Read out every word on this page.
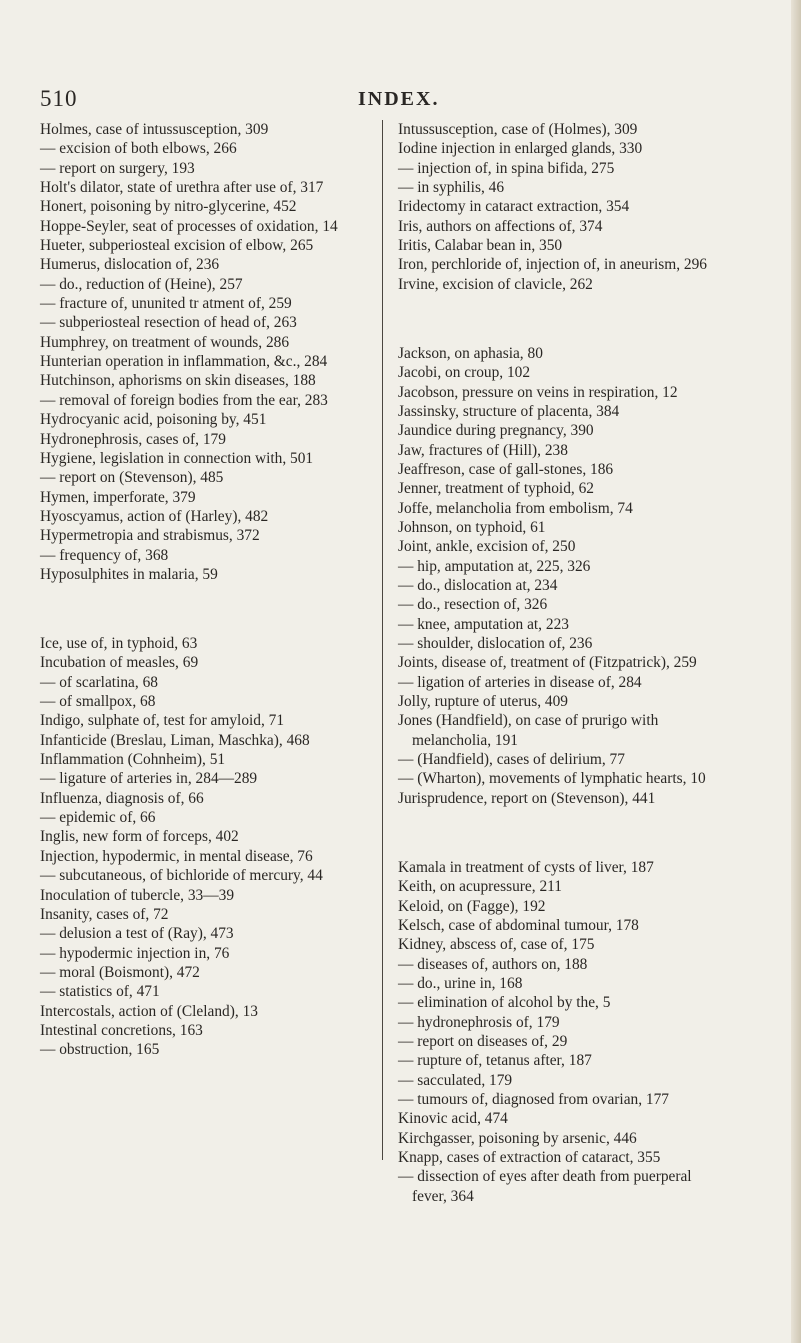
510	INDEX.

Holmes, case of intussusception, 309

— excision of both elbows, 266

— report on surgery, 193

Holt's dilator, state of urethra after use of, 317

Honert, poisoning by nitro-glycerine, 452

Hoppe-Seyler, seat of processes of oxidation, 14

Hueter, subperiosteal excision of elbow, 265

Humerus, dislocation of, 236

— do., reduction of (Heine), 257

— fracture of, ununited tr atment of, 259

— subperiosteal resection of head of, 263

Humphrey, on treatment of wounds, 286

Hunterian operation in inflammation, &c., 284

Hutchinson, aphorisms on skin diseases, 188

— removal of foreign bodies from the ear, 283

Hydrocyanic acid, poisoning by, 451

Hydronephrosis, cases of, 179

Hygiene, legislation in connection with, 501

— report on (Stevenson), 485

Hymen, imperforate, 379

Hyoscyamus, action of (Harley), 482

Hypermetropia and strabismus, 372

— frequency of, 368

Hyposulphites in malaria, 59

Ice, use of, in typhoid, 63

Incubation of measles, 69

— of scarlatina, 68

— of smallpox, 68

Indigo, sulphate of, test for amyloid, 71

Infanticide (Breslau, Liman, Maschka), 468

Inflammation (Cohnheim), 51

— ligature of arteries in, 284—289

Influenza, diagnosis of, 66

— epidemic of, 66

Inglis, new form of forceps, 402

Injection, hypodermic, in mental disease, 76

— subcutaneous, of bichloride of mercury, 44

Inoculation of tubercle, 33—39

Insanity, cases of, 72

— delusion a test of (Ray), 473

— hypodermic injection in, 76

— moral (Boismont), 472

— statistics of, 471

Intercostals, action of (Cleland), 13

Intestinal concretions, 163

— obstruction, 165

Intussusception, case of (Holmes), 309

Iodine injection in enlarged glands, 330

— injection of, in spina bifida, 275

— in syphilis, 46

Iridectomy in cataract extraction, 354

Iris, authors on affections of, 374

Iritis, Calabar bean in, 350

Iron, perchloride of, injection of, in aneurism, 296

Irvine, excision of clavicle, 262

Jackson, on aphasia, 80

Jacobi, on croup, 102

Jacobson, pressure on veins in respiration, 12

Jassinsky, structure of placenta, 384

Jaundice during pregnancy, 390

Jaw, fractures of (Hill), 238

Jeaffreson, case of gall-stones, 186

Jenner, treatment of typhoid, 62

Joffe, melancholia from embolism, 74

Johnson, on typhoid, 61

Joint, ankle, excision of, 250

— hip, amputation at, 225, 326

— do., dislocation at, 234

— do., resection of, 326

— knee, amputation at, 223

— shoulder, dislocation of, 236

Joints, disease of, treatment of (Fitzpatrick), 259

— ligation of arteries in disease of, 284

Jolly, rupture of uterus, 409

Jones (Handfield), on case of prurigo with melancholia, 191

— (Handfield), cases of delirium, 77

— (Wharton), movements of lymphatic hearts, 10

Jurisprudence, report on (Stevenson), 441

Kamala in treatment of cysts of liver, 187

Keith, on acupressure, 211

Keloid, on (Fagge), 192

Kelsch, case of abdominal tumour, 178

Kidney, abscess of, case of, 175

— diseases of, authors on, 188

— do., urine in, 168

— elimination of alcohol by the, 5

— hydronephrosis of, 179

— report on diseases of, 29

— rupture of, tetanus after, 187

— sacculated, 179

— tumours of, diagnosed from ovarian, 177

Kinovic acid, 474

Kirchgasser, poisoning by arsenic, 446

Knapp, cases of extraction of cataract, 355

— dissection of eyes after death from puerperal fever, 364
